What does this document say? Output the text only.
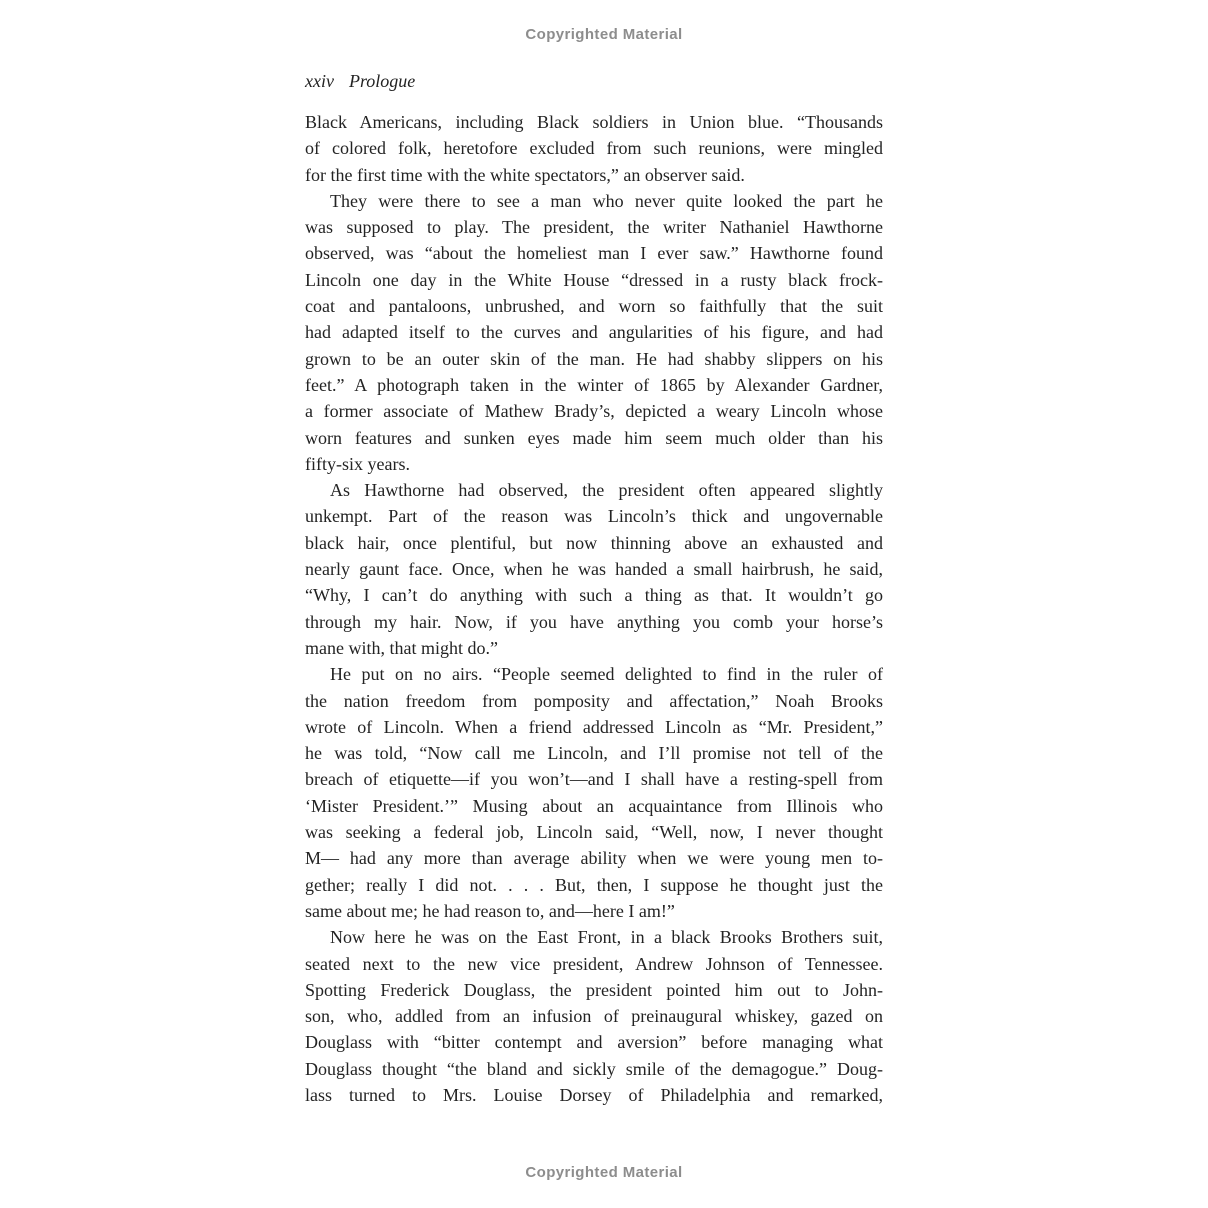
Copyrighted Material
xxiv Prologue
Black Americans, including Black soldiers in Union blue. “Thousands
of colored folk, heretofore excluded from such reunions, were mingled
for the first time with the white spectators,” an observer said.
They were there to see a man who never quite looked the part he
was supposed to play. The president, the writer Nathaniel Hawthorne
observed, was “about the homeliest man I ever saw.” Hawthorne found
Lincoln one day in the White House “dressed in a rusty black frock-
coat and pantaloons, unbrushed, and worn so faithfully that the suit
had adapted itself to the curves and angularities of his figure, and had
grown to be an outer skin of the man. He had shabby slippers on his
feet.” A photograph taken in the winter of 1865 by Alexander Gardner,
a former associate of Mathew Brady’s, depicted a weary Lincoln whose
worn features and sunken eyes made him seem much older than his
fifty-six years.
As Hawthorne had observed, the president often appeared slightly
unkempt. Part of the reason was Lincoln’s thick and ungovernable
black hair, once plentiful, but now thinning above an exhausted and
nearly gaunt face. Once, when he was handed a small hairbrush, he said,
“Why, I can’t do anything with such a thing as that. It wouldn’t go
through my hair. Now, if you have anything you comb your horse’s
mane with, that might do.”
He put on no airs. “People seemed delighted to find in the ruler of
the nation freedom from pomposity and affectation,” Noah Brooks
wrote of Lincoln. When a friend addressed Lincoln as “Mr. President,”
he was told, “Now call me Lincoln, and I’ll promise not tell of the
breach of etiquette—if you won’t—and I shall have a resting-spell from
‘Mister President.’” Musing about an acquaintance from Illinois who
was seeking a federal job, Lincoln said, “Well, now, I never thought
M— had any more than average ability when we were young men to-
gether; really I did not. . . . But, then, I suppose he thought just the
same about me; he had reason to, and—here I am!”
Now here he was on the East Front, in a black Brooks Brothers suit,
seated next to the new vice president, Andrew Johnson of Tennessee.
Spotting Frederick Douglass, the president pointed him out to John-
son, who, addled from an infusion of preinaugural whiskey, gazed on
Douglass with “bitter contempt and aversion” before managing what
Douglass thought “the bland and sickly smile of the demagogue.” Doug-
lass turned to Mrs. Louise Dorsey of Philadelphia and remarked,
Copyrighted Material
